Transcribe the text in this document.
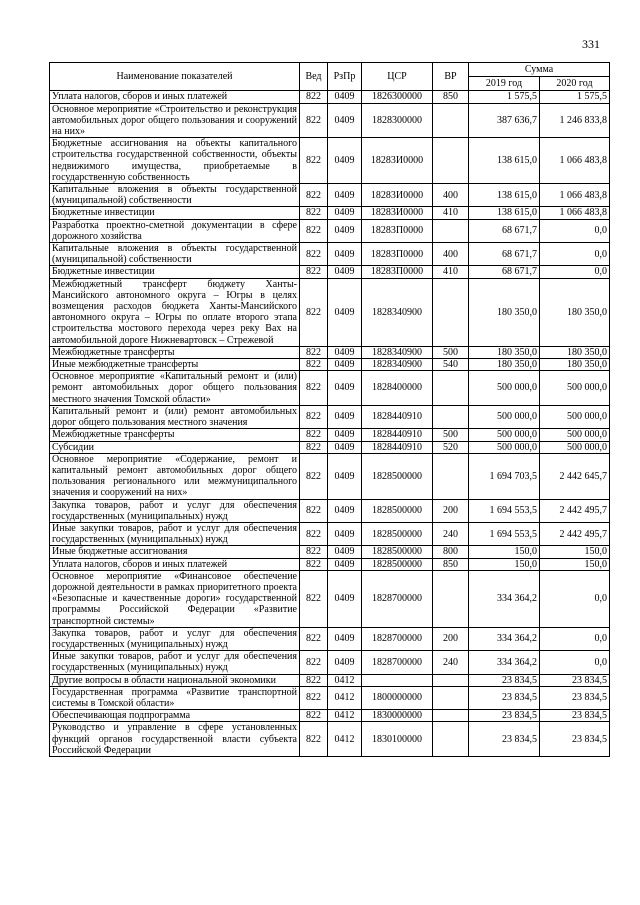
331
Наименование показателей	Вед	РзПр	ЦСР	ВР	Сумма	
					2019 год	2020 год
Уплата налогов, сборов и иных платежей	822	0409	1826300000	850	1 575,5	1 575,5
Основное мероприятие «Строительство и реконструкция автомобильных дорог общего пользования и сооружений на них»	822	0409	1828300000		387 636,7	1 246 833,8
Бюджетные ассигнования на объекты капитального строительства государственной собственности, объекты недвижимого имущества, приобретаемые в государственную собственность	822	0409	18283И0000		138 615,0	1 066 483,8
Капитальные вложения в объекты государственной (муниципальной) собственности	822	0409	18283И0000	400	138 615,0	1 066 483,8
Бюджетные инвестиции	822	0409	18283И0000	410	138 615,0	1 066 483,8
Разработка проектно-сметной документации в сфере дорожного хозяйства	822	0409	18283П0000		68 671,7	0,0
Капитальные вложения в объекты государственной (муниципальной) собственности	822	0409	18283П0000	400	68 671,7	0,0
Бюджетные инвестиции	822	0409	18283П0000	410	68 671,7	0,0
Межбюджетный трансферт бюджету Ханты-Мансийского автономного округа – Югры в целях возмещения расходов бюджета Ханты-Мансийского автономного округа – Югры по оплате второго этапа строительства мостового перехода через реку Вах на автомобильной дороге Нижневартовск – Стрежевой	822	0409	1828340900		180 350,0	180 350,0
Межбюджетные трансферты	822	0409	1828340900	500	180 350,0	180 350,0
Иные межбюджетные трансферты	822	0409	1828340900	540	180 350,0	180 350,0
Основное мероприятие «Капитальный ремонт и (или) ремонт автомобильных дорог общего пользования местного значения Томской области»	822	0409	1828400000		500 000,0	500 000,0
Капитальный ремонт и (или) ремонт автомобильных дорог общего пользования местного значения	822	0409	1828440910		500 000,0	500 000,0
Межбюджетные трансферты	822	0409	1828440910	500	500 000,0	500 000,0
Субсидии	822	0409	1828440910	520	500 000,0	500 000,0
Основное мероприятие «Содержание, ремонт и капитальный ремонт автомобильных дорог общего пользования регионального или межмуниципального значения и сооружений на них»	822	0409	1828500000		1 694 703,5	2 442 645,7
Закупка товаров, работ и услуг для обеспечения государственных (муниципальных) нужд	822	0409	1828500000	200	1 694 553,5	2 442 495,7
Иные закупки товаров, работ и услуг для обеспечения государственных (муниципальных) нужд	822	0409	1828500000	240	1 694 553,5	2 442 495,7
Иные бюджетные ассигнования	822	0409	1828500000	800	150,0	150,0
Уплата налогов, сборов и иных платежей	822	0409	1828500000	850	150,0	150,0
Основное мероприятие «Финансовое обеспечение дорожной деятельности в рамках приоритетного проекта «Безопасные и качественные дороги» государственной программы Российской Федерации «Развитие транспортной системы»	822	0409	1828700000		334 364,2	0,0
Закупка товаров, работ и услуг для обеспечения государственных (муниципальных) нужд	822	0409	1828700000	200	334 364,2	0,0
Иные закупки товаров, работ и услуг для обеспечения государственных (муниципальных) нужд	822	0409	1828700000	240	334 364,2	0,0
Другие вопросы в области национальной экономики	822	0412			23 834,5	23 834,5
Государственная программа «Развитие транспортной системы в Томской области»	822	0412	1800000000		23 834,5	23 834,5
Обеспечивающая подпрограмма	822	0412	1830000000		23 834,5	23 834,5
Руководство и управление в сфере установленных функций органов государственной власти субъекта Российской Федерации	822	0412	1830100000		23 834,5	23 834,5
